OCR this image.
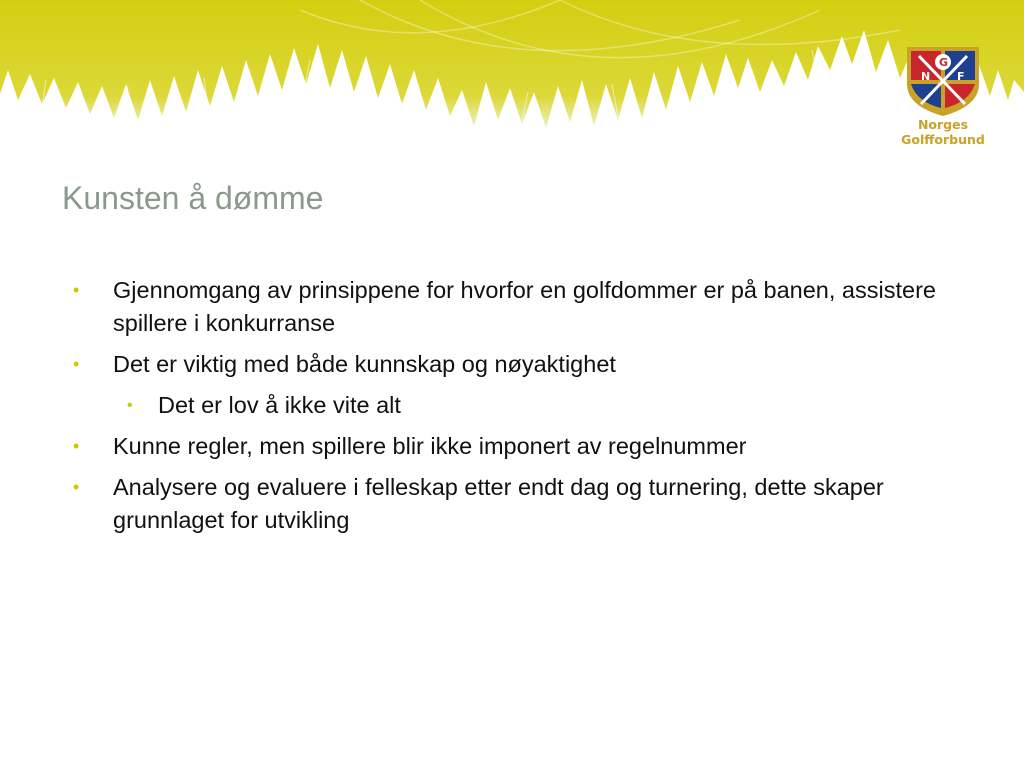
N
G
F
Norges
Golfforbund
Kunsten å dømme
• Gjennomgang av prinsippene for hvorfor en golfdommer er på banen, assistere spillere i konkurranse
• Det er viktig med både kunnskap og nøyaktighet
• Det er lov å ikke vite alt
• Kunne regler, men spillere blir ikke imponert av regelnummer
• Analysere og evaluere i felleskap etter endt dag og turnering, dette skaper grunnlaget for utvikling
